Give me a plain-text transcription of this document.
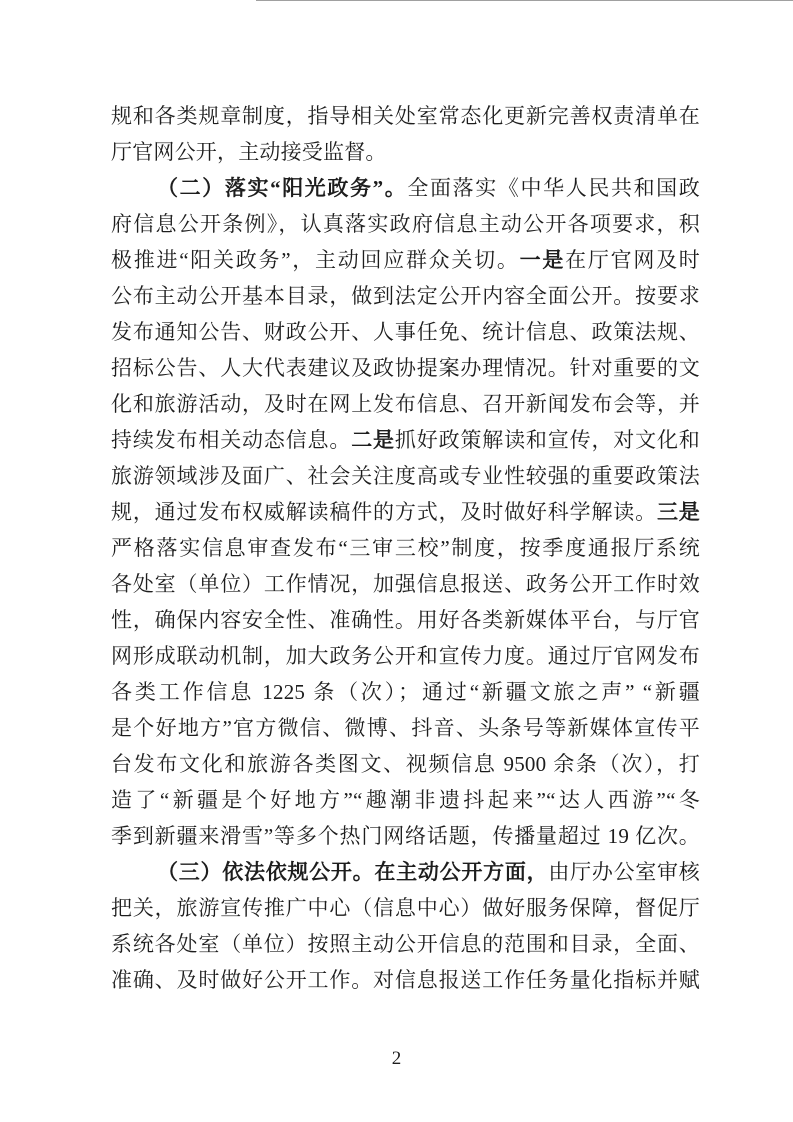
规和各类规章制度，指导相关处室常态化更新完善权责清单在
厅官网公开，主动接受监督。
（二）落实“阳光政务”。全面落实《中华人民共和国政
府信息公开条例》，认真落实政府信息主动公开各项要求，积
极推进“阳关政务”，主动回应群众关切。一是在厅官网及时
公布主动公开基本目录，做到法定公开内容全面公开。按要求
发布通知公告、财政公开、人事任免、统计信息、政策法规、
招标公告、人大代表建议及政协提案办理情况。针对重要的文
化和旅游活动，及时在网上发布信息、召开新闻发布会等，并
持续发布相关动态信息。二是抓好政策解读和宣传，对文化和
旅游领域涉及面广、社会关注度高或专业性较强的重要政策法
规，通过发布权威解读稿件的方式，及时做好科学解读。三是
严格落实信息审查发布“三审三校”制度，按季度通报厅系统
各处室（单位）工作情况，加强信息报送、政务公开工作时效
性，确保内容安全性、准确性。用好各类新媒体平台，与厅官
网形成联动机制，加大政务公开和宣传力度。通过厅官网发布
各类工作信息 1225 条（次）；通过“新疆文旅之声” “新疆
是个好地方”官方微信、微博、抖音、头条号等新媒体宣传平
台发布文化和旅游各类图文、视频信息 9500 余条（次），打
造了“新疆是个好地方”“趣潮非遗抖起来”“达人西游”“冬
季到新疆来滑雪”等多个热门网络话题，传播量超过 19 亿次。
（三）依法依规公开。在主动公开方面，由厅办公室审核
把关，旅游宣传推广中心（信息中心）做好服务保障，督促厅
系统各处室（单位）按照主动公开信息的范围和目录，全面、
准确、及时做好公开工作。对信息报送工作任务量化指标并赋
2
